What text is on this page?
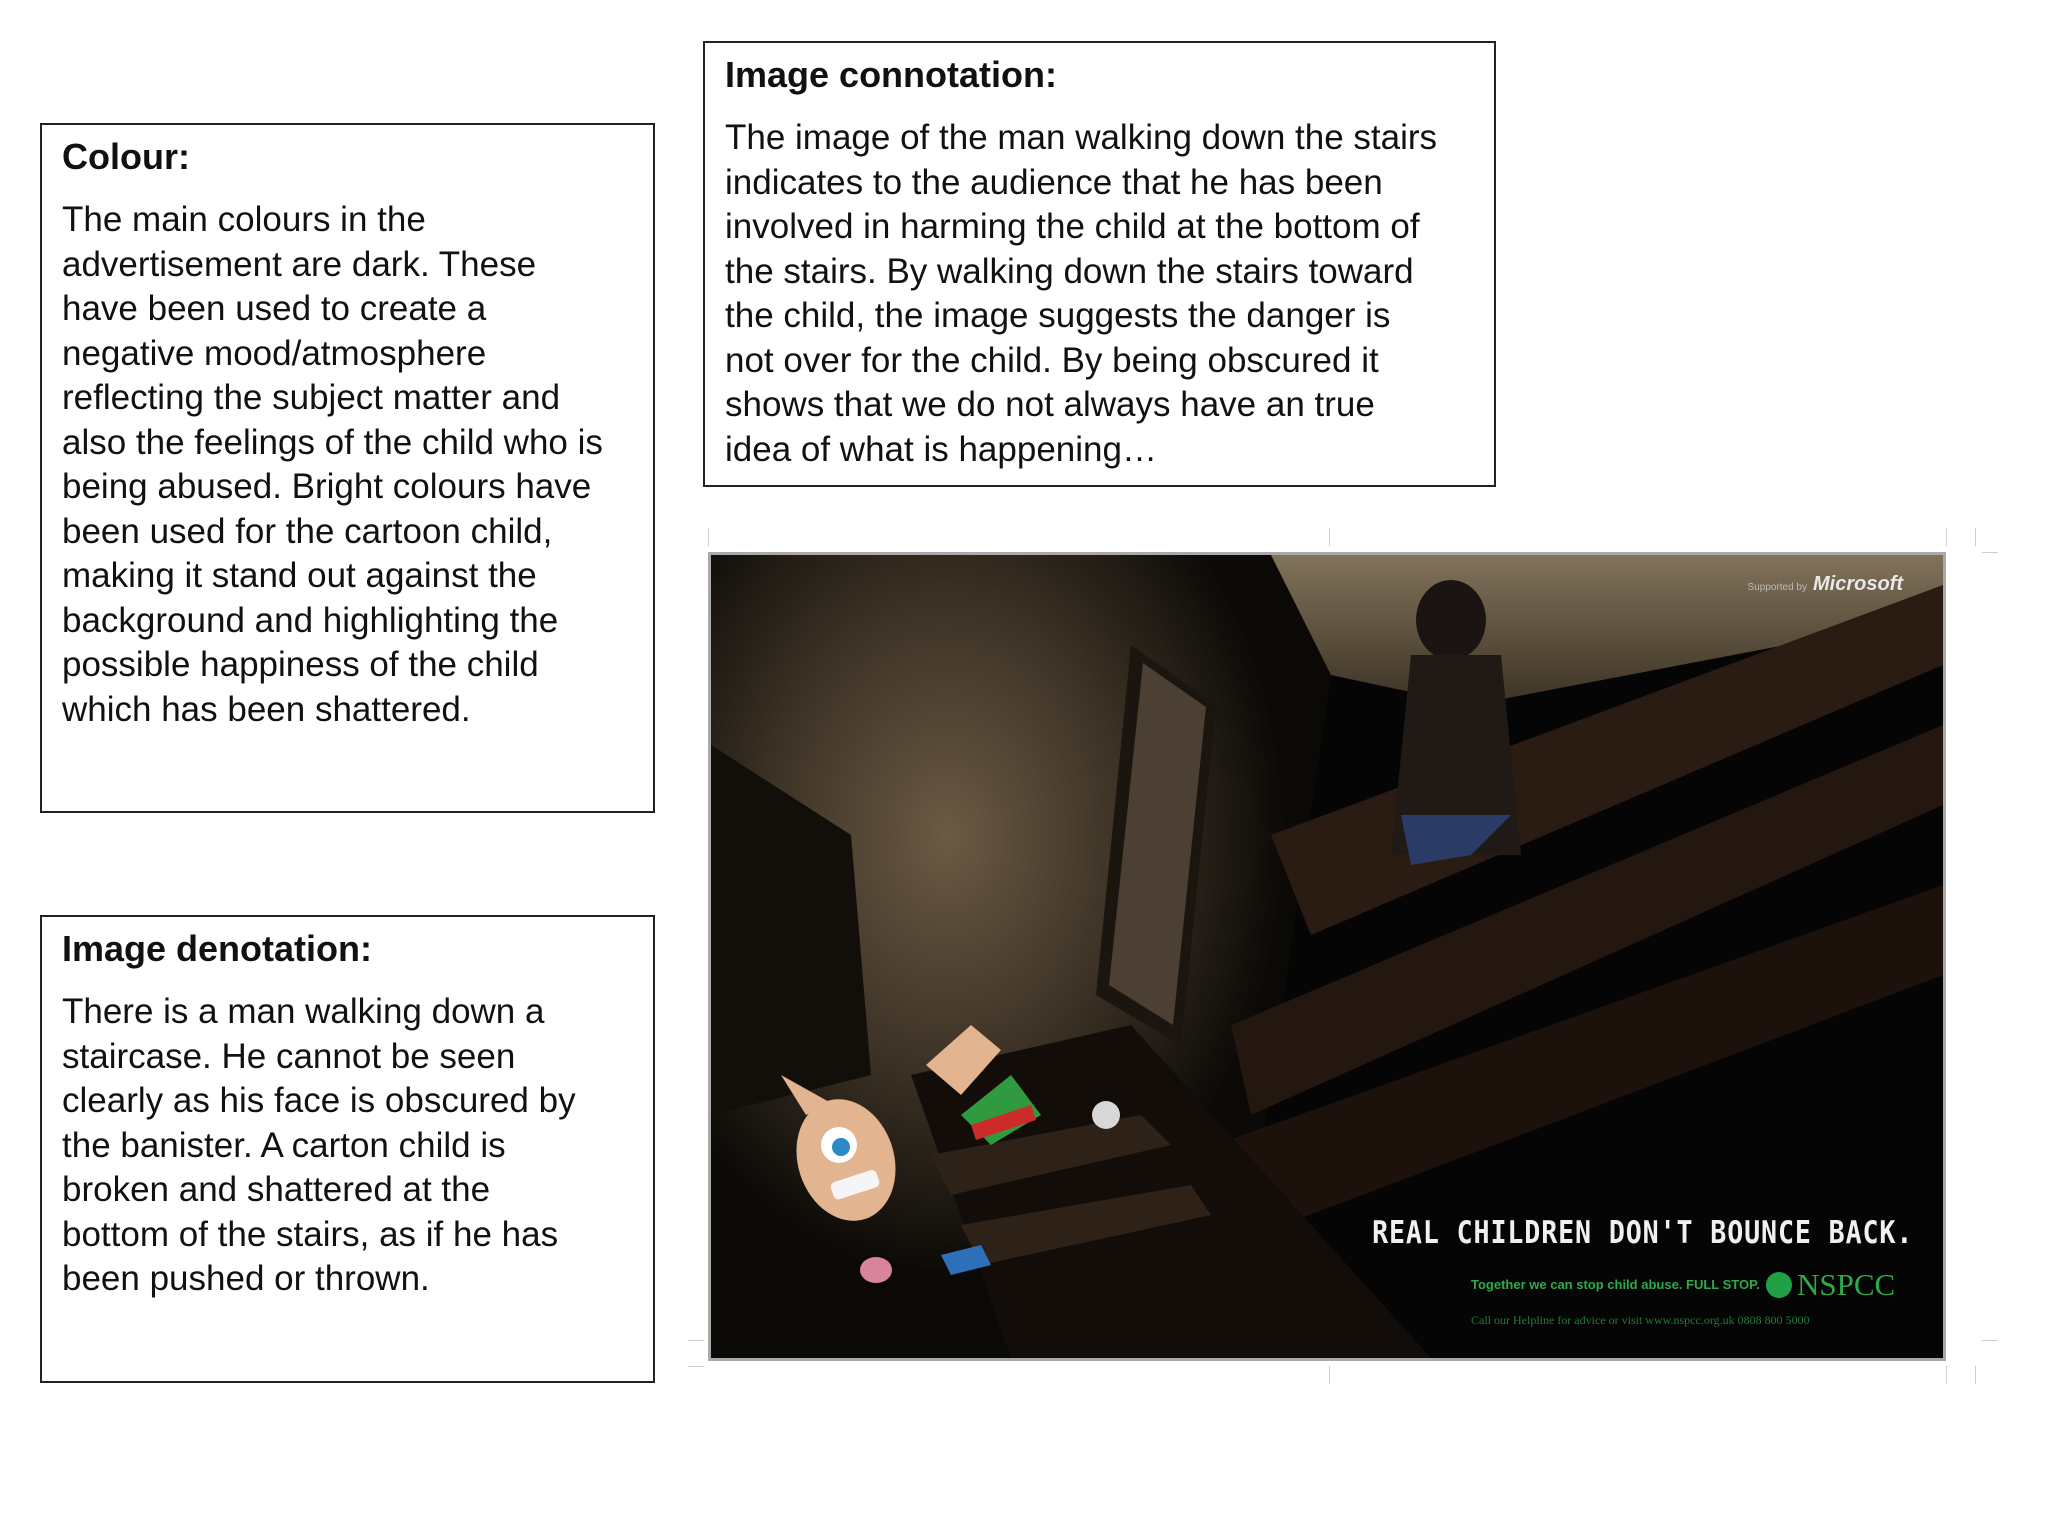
Image connotation:

The image of the man walking down the stairs
indicates to the audience that he has been
involved in harming the child at the bottom of
the stairs. By walking down the stairs toward
the child, the image suggests the danger is
not over for the child. By being obscured it
shows that we do not always have an true
idea of what is happening…

Colour:

The main colours in the
advertisement are dark. These
have been used to create a
negative mood/atmosphere
reflecting the subject matter and
also the feelings of the child who is
being abused. Bright colours have
been used for the cartoon child,
making it stand out against the
background and highlighting the
possible happiness of the child
which has been shattered.

Image denotation:

There is a man walking down a
staircase. He cannot be seen
clearly as his face is obscured by
the banister. A carton child is
broken and shattered at the
bottom of the stairs, as if he has
been pushed or thrown.

Supported by Microsoft
REAL CHILDREN DON'T BOUNCE BACK.
Together we can stop child abuse. FULL STOP. NSPCC
Call our Helpline for advice or visit www.nspcc.org.uk 0808 800 5000
